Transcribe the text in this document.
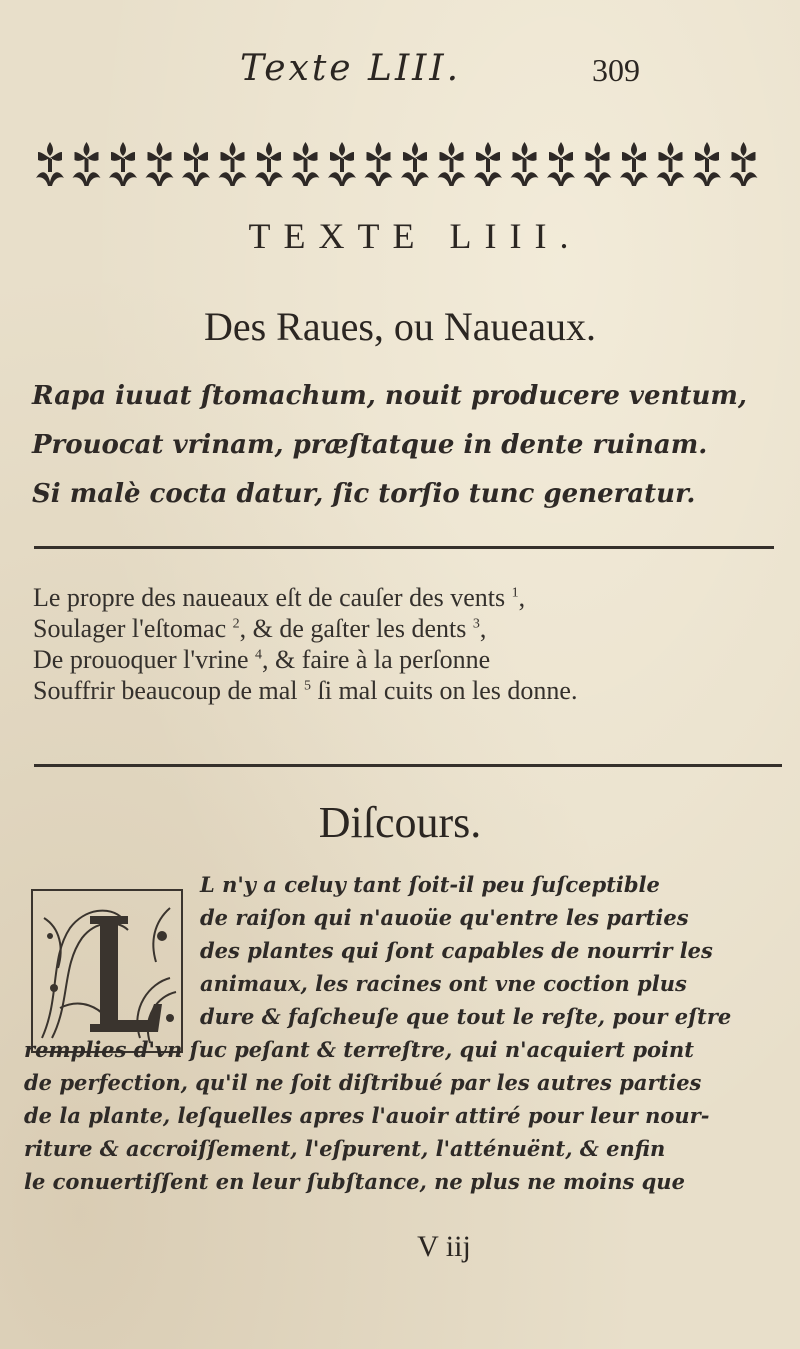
Texte LIII.	309
TEXTE LIII.
Des Raues, ou Naueaux.
Rapa iuuat ſtomachum, nouit producere ventum,
Prouocat vrinam, præſtatque in dente ruinam.
Si malè cocta datur, ſic torſio tunc generatur.
Le propre des naueaux eſt de cauſer des vents $^1$,
Soulager l'eſtomac $^2$, & de gaſter les dents $^3$,
De prouoquer l'vrine $^4$, & faire à la perſonne
Souffrir beaucoup de mal $^5$ ſi mal cuits on les donne.
Diſcours.
L n'y a celuy tant ſoit-il peu ſuſceptible
de raiſon qui n'auoüe qu'entre les parties
des plantes qui ſont capables de nourrir les
animaux, les racines ont vne coction plus
dure & faſcheuſe que tout le reſte, pour eſtre
remplies d'vn ſuc peſant & terreſtre, qui n'acquiert point
de perfection, qu'il ne ſoit diſtribué par les autres parties
de la plante, leſquelles apres l'auoir attiré pour leur nour-
riture & accroiſſement, l'eſpurent, l'atténuënt, & enfin
le conuertiſſent en leur ſubſtance, ne plus ne moins que
V iij
